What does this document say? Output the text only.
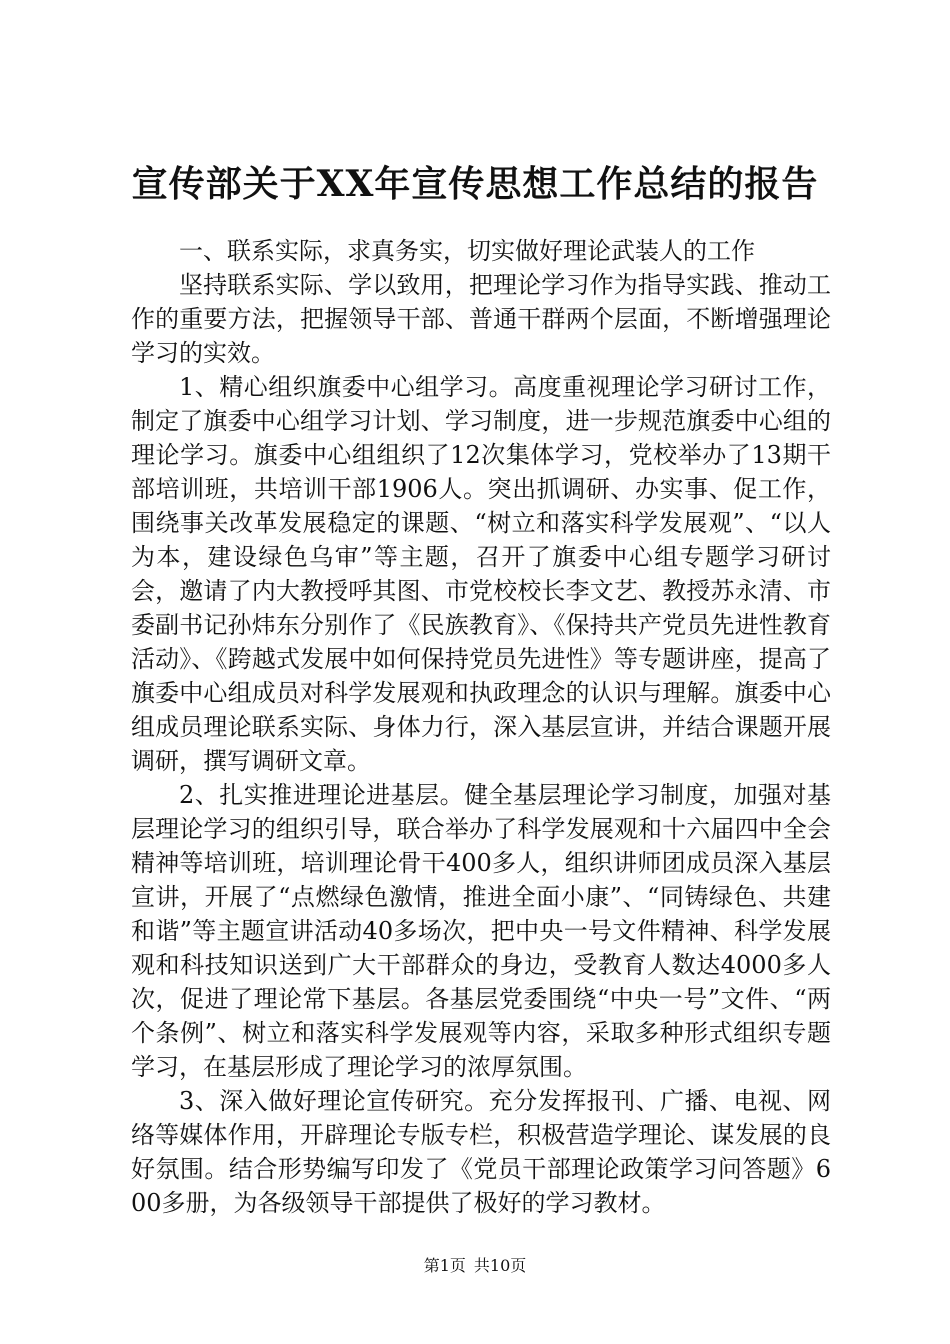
宣传部关于XX年宣传思想工作总结的报告

一、联系实际，求真务实，切实做好理论武装人的工作

坚持联系实际、学以致用，把理论学习作为指导实践、推动工作的重要方法，把握领导干部、普通干群两个层面，不断增强理论学习的实效。

1、精心组织旗委中心组学习。高度重视理论学习研讨工作，制定了旗委中心组学习计划、学习制度，进一步规范旗委中心组的理论学习。旗委中心组组织了12次集体学习，党校举办了13期干部培训班，共培训干部1906人。突出抓调研、办实事、促工作，围绕事关改革发展稳定的课题、“树立和落实科学发展观”、“以人为本，建设绿色乌审”等主题，召开了旗委中心组专题学习研讨会，邀请了内大教授呼其图、市党校校长李文艺、教授苏永清、市委副书记孙炜东分别作了《民族教育》、《保持共产党员先进性教育活动》、《跨越式发展中如何保持党员先进性》等专题讲座，提高了旗委中心组成员对科学发展观和执政理念的认识与理解。旗委中心组成员理论联系实际、身体力行，深入基层宣讲，并结合课题开展调研，撰写调研文章。

2、扎实推进理论进基层。健全基层理论学习制度，加强对基层理论学习的组织引导，联合举办了科学发展观和十六届四中全会精神等培训班，培训理论骨干400多人，组织讲师团成员深入基层宣讲，开展了“点燃绿色激情，推进全面小康”、“同铸绿色、共建和谐”等主题宣讲活动40多场次，把中央一号文件精神、科学发展观和科技知识送到广大干部群众的身边，受教育人数达4000多人次，促进了理论常下基层。各基层党委围绕“中央一号”文件、“两个条例”、树立和落实科学发展观等内容，采取多种形式组织专题学习，在基层形成了理论学习的浓厚氛围。

3、深入做好理论宣传研究。充分发挥报刊、广播、电视、网络等媒体作用，开辟理论专版专栏，积极营造学理论、谋发展的良好氛围。结合形势编写印发了《党员干部理论政策学习问答题》600多册，为各级领导干部提供了极好的学习教材。

第1页 共10页
